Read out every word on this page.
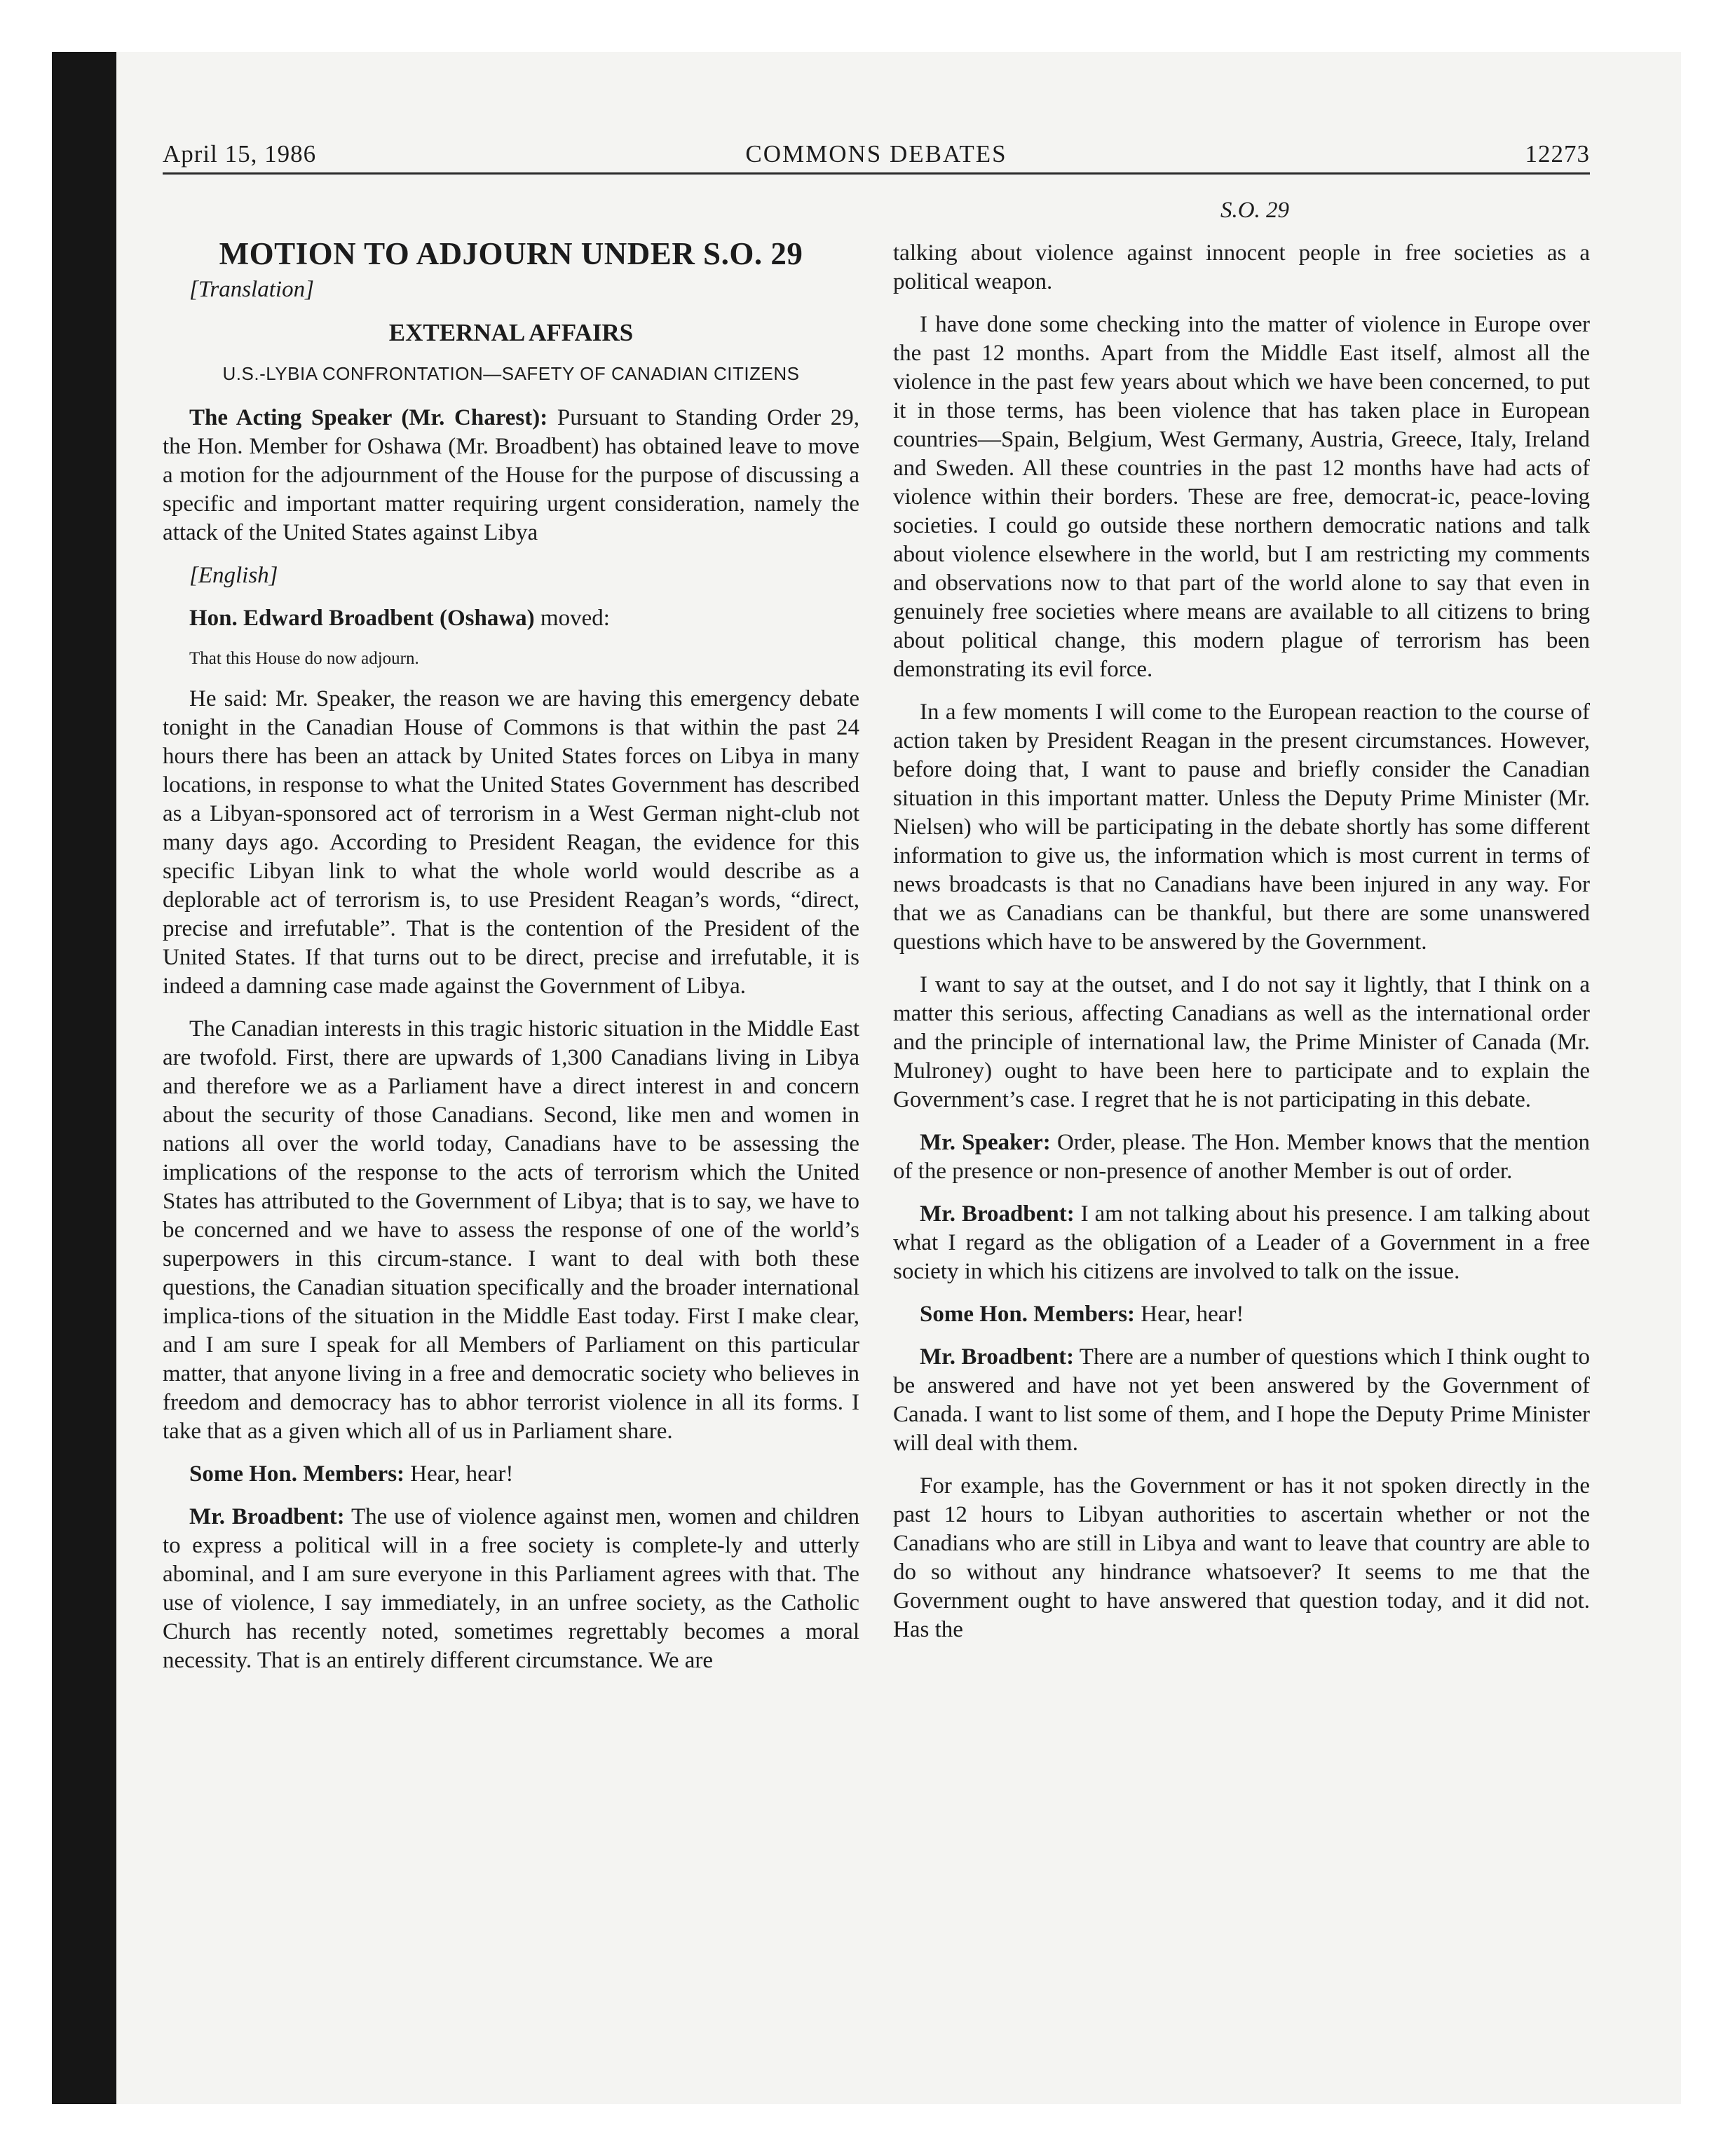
April 15, 1986	COMMONS DEBATES	12273
MOTION TO ADJOURN UNDER S.O. 29

[Translation]

EXTERNAL AFFAIRS
U.S.-LYBIA CONFRONTATION—SAFETY OF CANADIAN CITIZENS

The Acting Speaker (Mr. Charest): Pursuant to Standing Order 29, the Hon. Member for Oshawa (Mr. Broadbent) has obtained leave to move a motion for the adjournment of the House for the purpose of discussing a specific and important matter requiring urgent consideration, namely the attack of the United States against Libya

[English]

Hon. Edward Broadbent (Oshawa) moved:

That this House do now adjourn.

He said: Mr. Speaker, the reason we are having this emergency debate tonight in the Canadian House of Commons is that within the past 24 hours there has been an attack by United States forces on Libya in many locations, in response to what the United States Government has described as a Libyan-sponsored act of terrorism in a West German night-club not many days ago. According to President Reagan, the evidence for this specific Libyan link to what the whole world would describe as a deplorable act of terrorism is, to use President Reagan’s words, “direct, precise and irrefutable”. That is the contention of the President of the United States. If that turns out to be direct, precise and irrefutable, it is indeed a damning case made against the Government of Libya.

The Canadian interests in this tragic historic situation in the Middle East are twofold. First, there are upwards of 1,300 Canadians living in Libya and therefore we as a Parliament have a direct interest in and concern about the security of those Canadians. Second, like men and women in nations all over the world today, Canadians have to be assessing the implications of the response to the acts of terrorism which the United States has attributed to the Government of Libya; that is to say, we have to be concerned and we have to assess the response of one of the world’s superpowers in this circum-stance. I want to deal with both these questions, the Canadian situation specifically and the broader international implica-tions of the situation in the Middle East today. First I make clear, and I am sure I speak for all Members of Parliament on this particular matter, that anyone living in a free and democratic society who believes in freedom and democracy has to abhor terrorist violence in all its forms. I take that as a given which all of us in Parliament share.

Some Hon. Members: Hear, hear!

Mr. Broadbent: The use of violence against men, women and children to express a political will in a free society is complete-ly and utterly abominal, and I am sure everyone in this Parliament agrees with that. The use of violence, I say immediately, in an unfree society, as the Catholic Church has recently noted, sometimes regrettably becomes a moral necessity. That is an entirely different circumstance. We are

S.O. 29

talking about violence against innocent people in free societies as a political weapon.

I have done some checking into the matter of violence in Europe over the past 12 months. Apart from the Middle East itself, almost all the violence in the past few years about which we have been concerned, to put it in those terms, has been violence that has taken place in European countries—Spain, Belgium, West Germany, Austria, Greece, Italy, Ireland and Sweden. All these countries in the past 12 months have had acts of violence within their borders. These are free, democrat-ic, peace-loving societies. I could go outside these northern democratic nations and talk about violence elsewhere in the world, but I am restricting my comments and observations now to that part of the world alone to say that even in genuinely free societies where means are available to all citizens to bring about political change, this modern plague of terrorism has been demonstrating its evil force.

In a few moments I will come to the European reaction to the course of action taken by President Reagan in the present circumstances. However, before doing that, I want to pause and briefly consider the Canadian situation in this important matter. Unless the Deputy Prime Minister (Mr. Nielsen) who will be participating in the debate shortly has some different information to give us, the information which is most current in terms of news broadcasts is that no Canadians have been injured in any way. For that we as Canadians can be thankful, but there are some unanswered questions which have to be answered by the Government.

I want to say at the outset, and I do not say it lightly, that I think on a matter this serious, affecting Canadians as well as the international order and the principle of international law, the Prime Minister of Canada (Mr. Mulroney) ought to have been here to participate and to explain the Government’s case. I regret that he is not participating in this debate.

Mr. Speaker: Order, please. The Hon. Member knows that the mention of the presence or non-presence of another Member is out of order.

Mr. Broadbent: I am not talking about his presence. I am talking about what I regard as the obligation of a Leader of a Government in a free society in which his citizens are involved to talk on the issue.

Some Hon. Members: Hear, hear!

Mr. Broadbent: There are a number of questions which I think ought to be answered and have not yet been answered by the Government of Canada. I want to list some of them, and I hope the Deputy Prime Minister will deal with them.

For example, has the Government or has it not spoken directly in the past 12 hours to Libyan authorities to ascertain whether or not the Canadians who are still in Libya and want to leave that country are able to do so without any hindrance whatsoever? It seems to me that the Government ought to have answered that question today, and it did not. Has the
